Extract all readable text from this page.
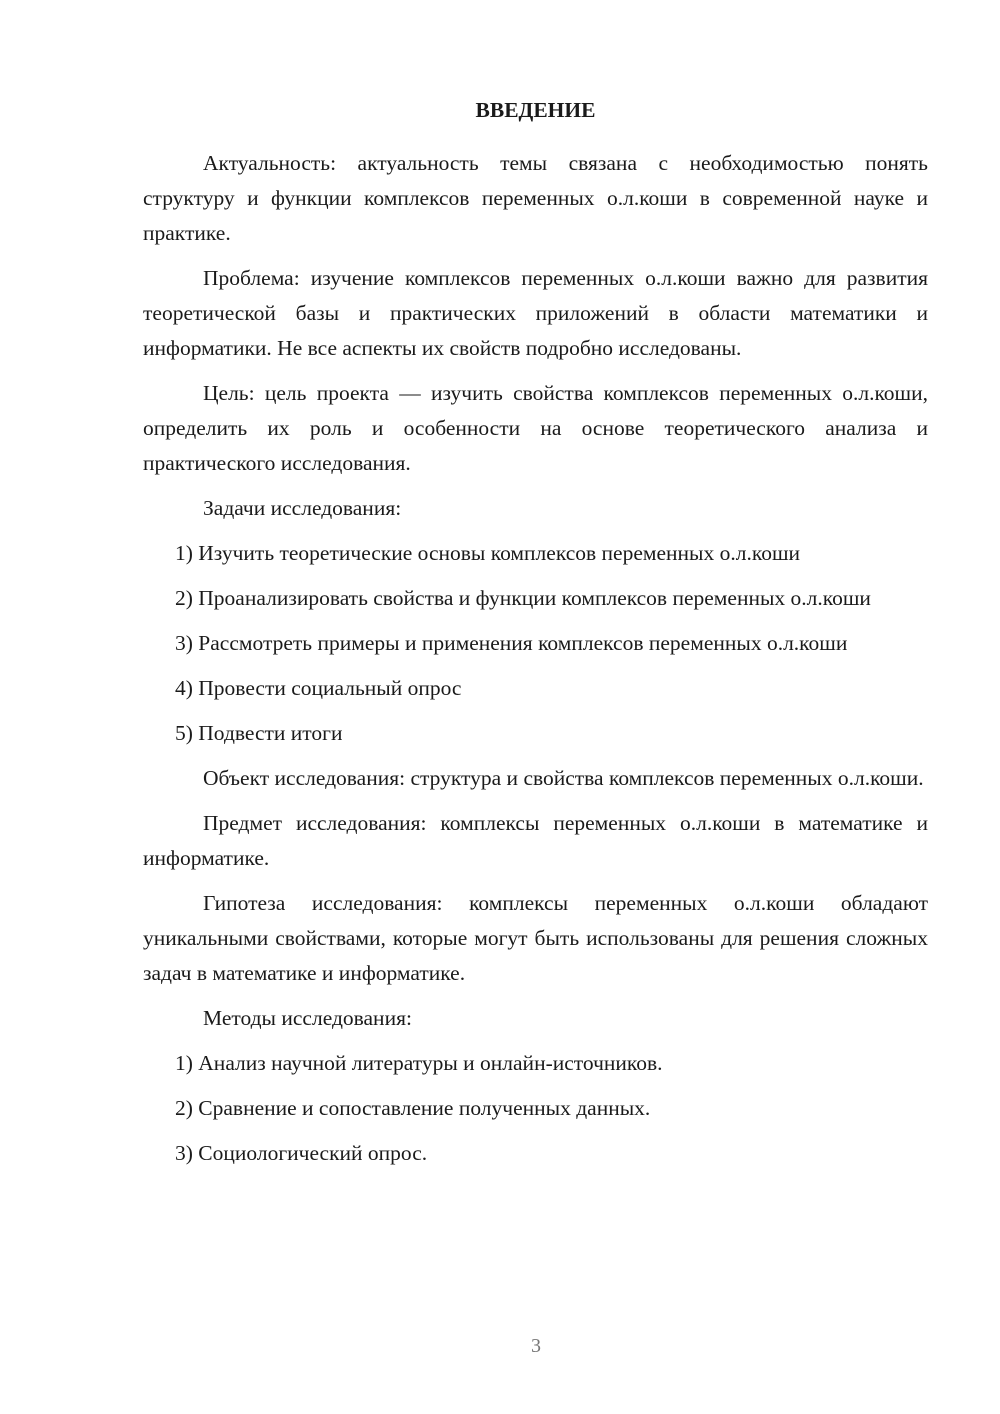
ВВЕДЕНИЕ

Актуальность: актуальность темы связана с необходимостью понять структуру и функции комплексов переменных о.л.коши в современной науке и практике.

Проблема: изучение комплексов переменных о.л.коши важно для развития теоретической базы и практических приложений в области математики и информатики. Не все аспекты их свойств подробно исследованы.

Цель: цель проекта — изучить свойства комплексов переменных о.л.коши, определить их роль и особенности на основе теоретического анализа и практического исследования.

Задачи исследования:

1) Изучить теоретические основы комплексов переменных о.л.коши

2) Проанализировать свойства и функции комплексов переменных о.л.коши

3) Рассмотреть примеры и применения комплексов переменных о.л.коши

4) Провести социальный опрос

5) Подвести итоги

Объект исследования: структура и свойства комплексов переменных о.л.коши.

Предмет исследования: комплексы переменных о.л.коши в математике и информатике.

Гипотеза исследования: комплексы переменных о.л.коши обладают уникальными свойствами, которые могут быть использованы для решения сложных задач в математике и информатике.

Методы исследования:

1) Анализ научной литературы и онлайн-источников.

2) Сравнение и сопоставление полученных данных.

3) Социологический опрос.

3
